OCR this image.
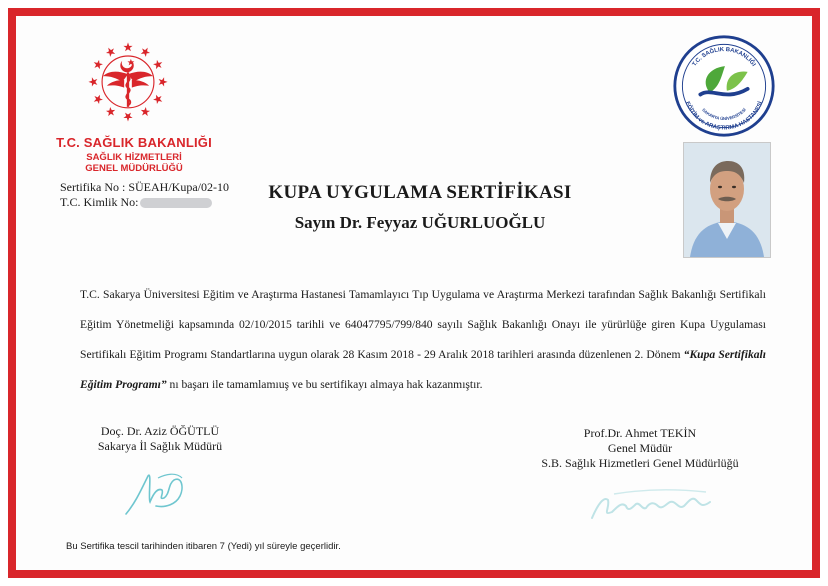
T.C. SAĞLIK BAKANLIĞI
SAĞLIK HİZMETLERİ
GENEL MÜDÜRLÜĞÜ
T.C. SAĞLIK BAKANLIĞI
SAKARYA ÜNİVERSİTESİ
EĞİTİM ve ARAŞTIRMA HASTANESİ
Sertifika No : SÜEAH/Kupa/02-10
T.C. Kimlik No:	KUPA UYGULAMA SERTİFİKASI
Sayın Dr. Feyyaz UĞURLUOĞLU
T.C. Sakarya Üniversitesi Eğitim ve Araştırma Hastanesi Tamamlayıcı Tıp Uygulama ve Araştırma Merkezi tarafından Sağlık Bakanlığı Sertifikalı Eğitim Yönetmeliği kapsamında 02/10/2015 tarihli ve 64047795/799/840 sayılı Sağlık Bakanlığı Onayı ile yürürlüğe giren Kupa Uygulaması Sertifikalı Eğitim Programı Standartlarına uygun olarak 28 Kasım 2018 - 29 Aralık 2018 tarihleri arasında düzenlenen 2. Dönem “Kupa Sertifikalı Eğitim Programı” nı başarı ile tamamlamıuş ve bu sertifikayı almaya hak kazanmıştır.
Doç. Dr. Aziz ÖĞÜTLÜ
Sakarya İl Sağlık Müdürü
Prof.Dr. Ahmet TEKİN
Genel Müdür
S.B. Sağlık Hizmetleri Genel Müdürlüğü
Bu Sertifika tescil tarihinden itibaren 7 (Yedi) yıl süreyle geçerlidir.
